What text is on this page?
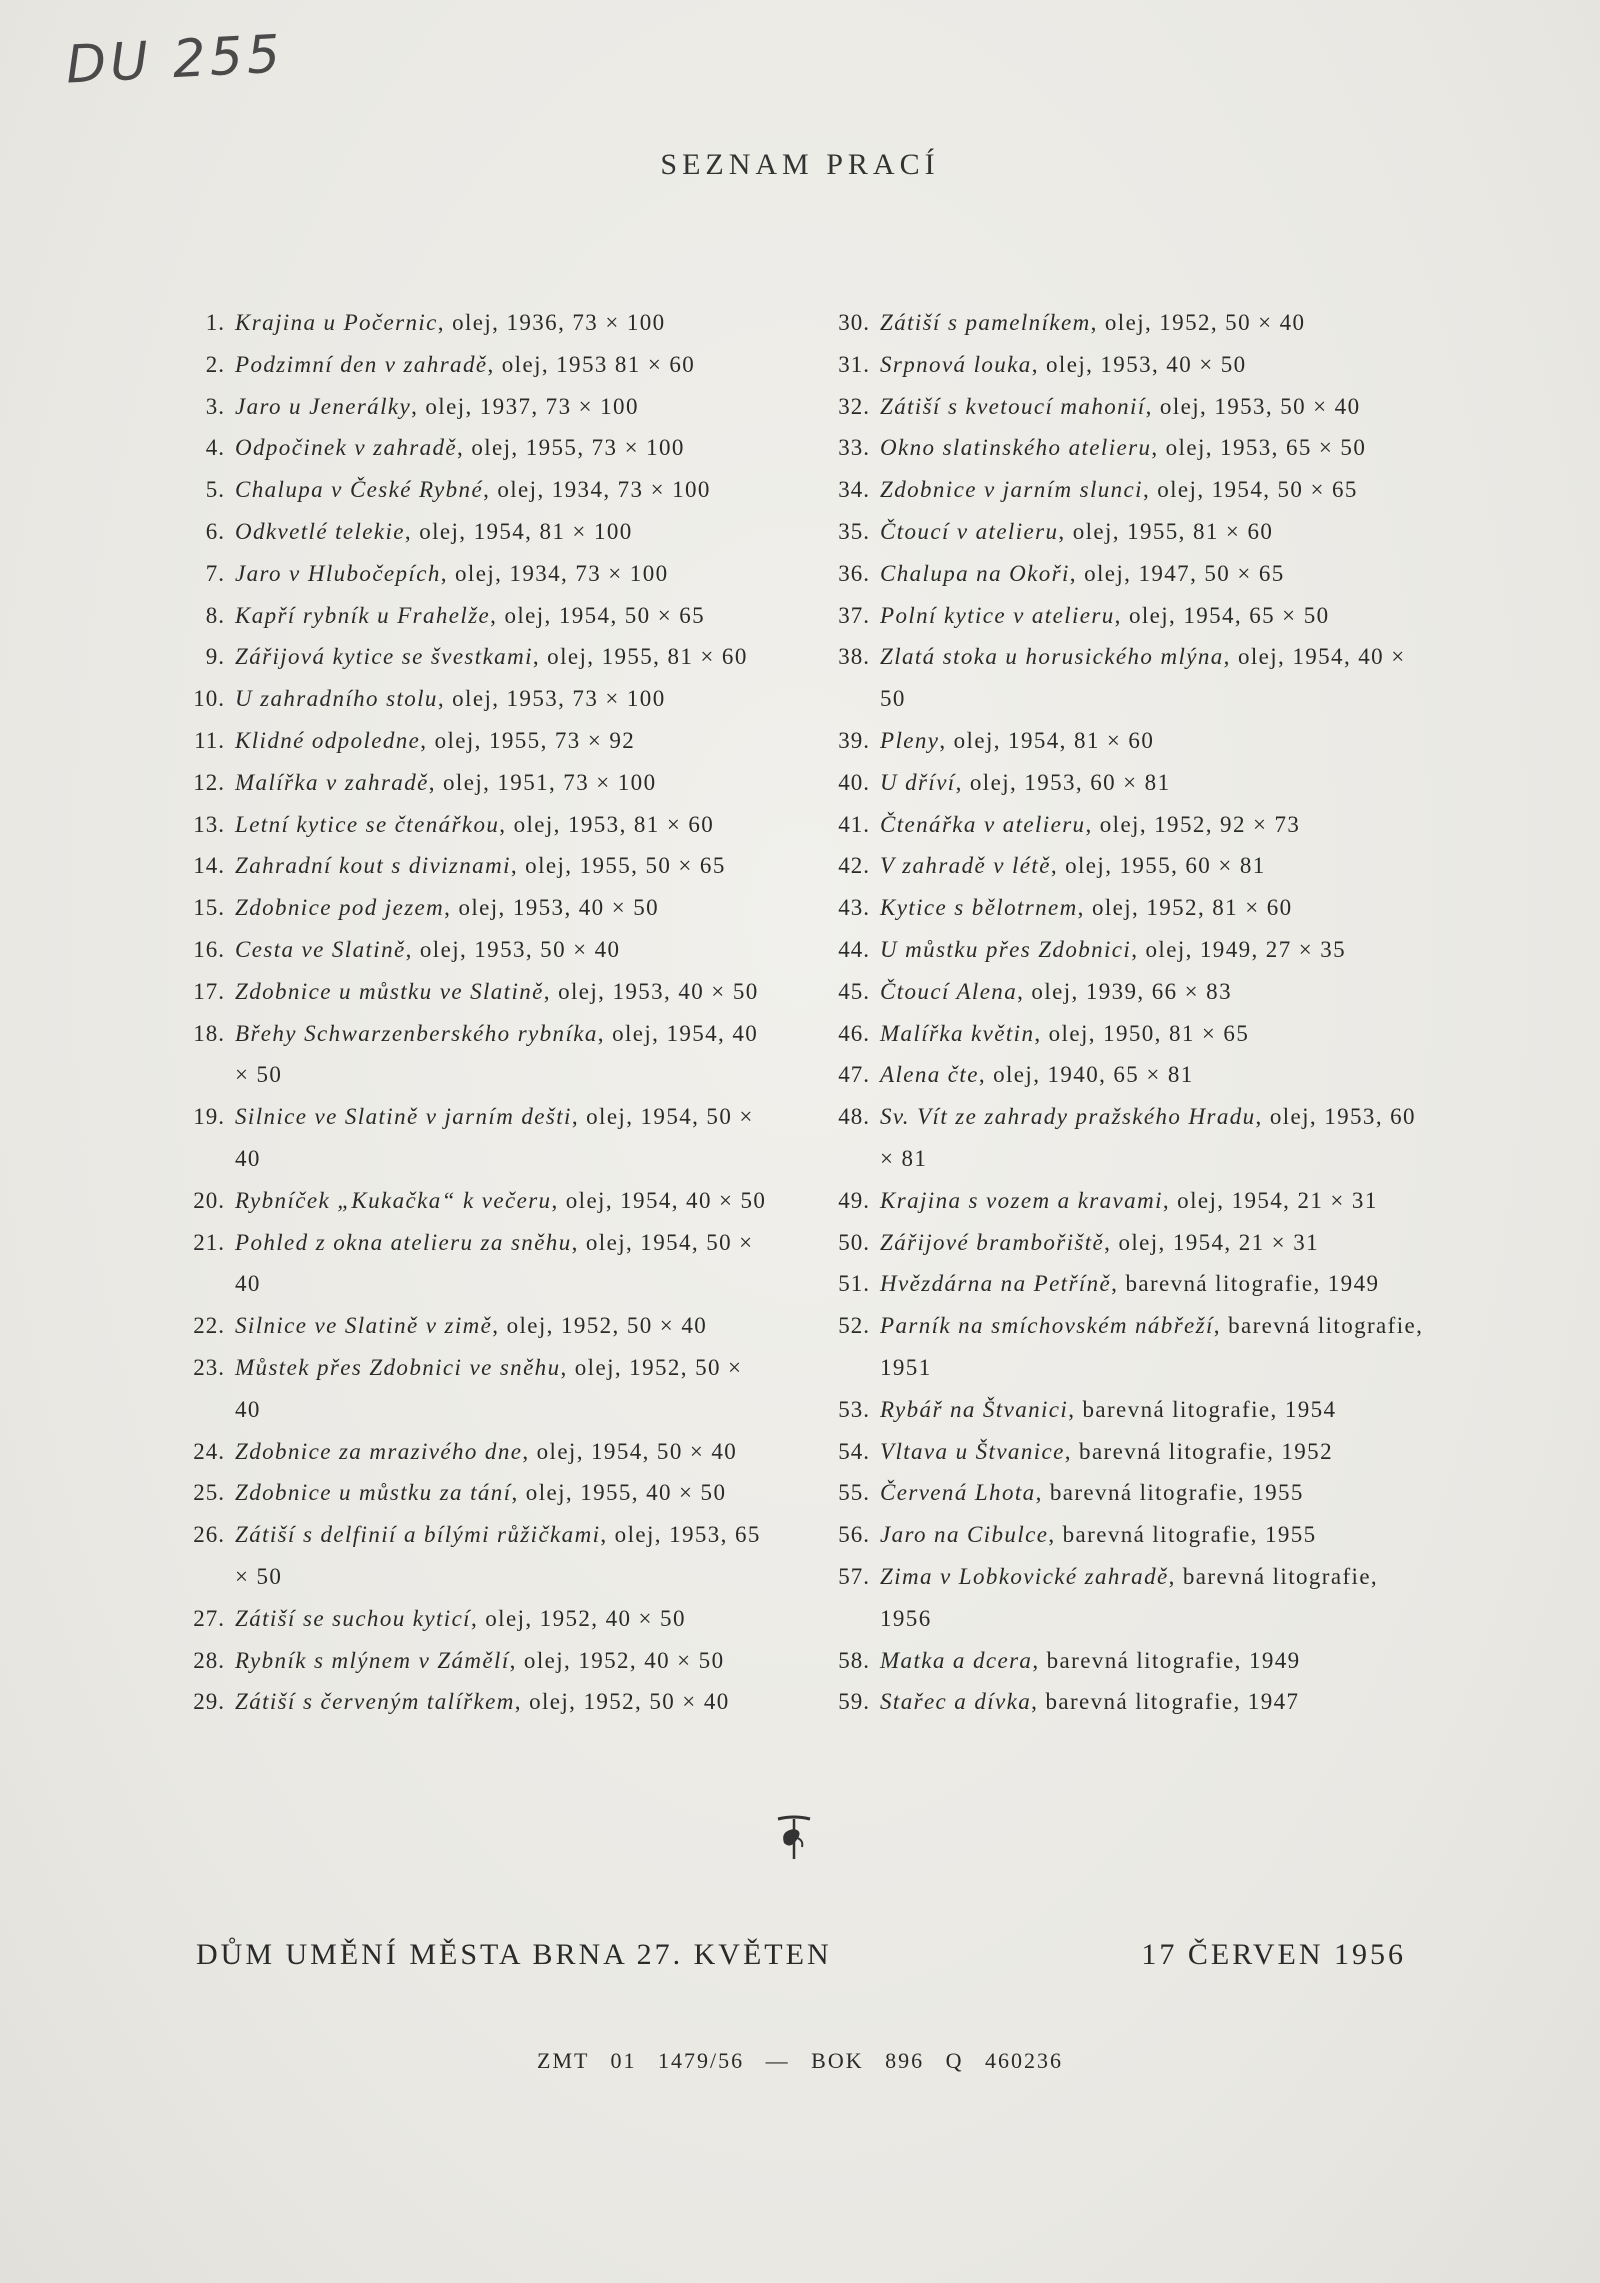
DU 255
SEZNAM PRACÍ
1. Krajina u Počernic, olej, 1936, 73 × 100
2. Podzimní den v zahradě, olej, 1953 81 × 60
3. Jaro u Jenerálky, olej, 1937, 73 × 100
4. Odpočinek v zahradě, olej, 1955, 73 × 100
5. Chalupa v České Rybné, olej, 1934, 73 × 100
6. Odkvetlé telekie, olej, 1954, 81 × 100
7. Jaro v Hlubočepích, olej, 1934, 73 × 100
8. Kapří rybník u Frahelže, olej, 1954, 50 × 65
9. Zářijová kytice se švestkami, olej, 1955, 81 × 60
10. U zahradního stolu, olej, 1953, 73 × 100
11. Klidné odpoledne, olej, 1955, 73 × 92
12. Malířka v zahradě, olej, 1951, 73 × 100
13. Letní kytice se čtenářkou, olej, 1953, 81 × 60
14. Zahradní kout s divizn​ami, olej, 1955, 50 × 65
15. Zdobnice pod jezem, olej, 1953, 40 × 50
16. Cesta ve Slatině, olej, 1953, 50 × 40
17. Zdobnice u můstku ve Slatině, olej, 1953, 40 × 50
18. Břehy Schwarzenberského rybníka, olej, 1954, 40 × 50
19. Silnice ve Slatině v jarním dešti, olej, 1954, 50 × 40
20. Rybníček „Kukačka“ k večeru, olej, 1954, 40 × 50
21. Pohled z okna atelieru za sněhu, olej, 1954, 50 × 40
22. Silnice ve Slatině v zimě, olej, 1952, 50 × 40
23. Můstek přes Zdobnici ve sněhu, olej, 1952, 50 × 40
24. Zdobnice za mrazivého dne, olej, 1954, 50 × 40
25. Zdobnice u můstku za tání, olej, 1955, 40 × 50
26. Zátiší s delfinií a bílými růžičkami, olej, 1953, 65 × 50
27. Zátiší se suchou kyticí, olej, 1952, 40 × 50
28. Rybník s mlýnem v Zámělí, olej, 1952, 40 × 50
29. Zátiší s červeným talířkem, olej, 1952, 50 × 40
30. Zátiší s pamelníkem, olej, 1952, 50 × 40
31. Srpnová louka, olej, 1953, 40 × 50
32. Zátiší s kvetoucí mahonií, olej, 1953, 50 × 40
33. Okno slatinského atelieru, olej, 1953, 65 × 50
34. Zdobnice v jarním slunci, olej, 1954, 50 × 65
35. Čtoucí v atelieru, olej, 1955, 81 × 60
36. Chalupa na Okoři, olej, 1947, 50 × 65
37. Polní kytice v atelieru, olej, 1954, 65 × 50
38. Zlatá stoka u horusického mlýna, olej, 1954, 40 × 50
39. Pleny, olej, 1954, 81 × 60
40. U dříví, olej, 1953, 60 × 81
41. Čtenářka v atelieru, olej, 1952, 92 × 73
42. V zahradě v létě, olej, 1955, 60 × 81
43. Kytice s bělotrnem, olej, 1952, 81 × 60
44. U můstku přes Zdobnici, olej, 1949, 27 × 35
45. Čtoucí Alena, olej, 1939, 66 × 83
46. Malířka květin, olej, 1950, 81 × 65
47. Alena čte, olej, 1940, 65 × 81
48. Sv. Vít ze zahrady pražského Hradu, olej, 1953, 60 × 81
49. Krajina s vozem a kravami, olej, 1954, 21 × 31
50. Zářijové brambořiště, olej, 1954, 21 × 31
51. Hvězdárna na Petříně, barevná litografie, 1949
52. Parník na smíchovském nábřeží, barevná litografie, 1951
53. Rybář na Štvanici, barevná litografie, 1954
54. Vltava u Štvanice, barevná litografie, 1952
55. Červená Lhota, barevná litografie, 1955
56. Jaro na Cibulce, barevná litografie, 1955
57. Zima v Lobkovické zahradě, barevná litografie, 1956
58. Matka a dcera, barevná litografie, 1949
59. Stařec a dívka, barevná litografie, 1947
DŮM UMĚNÍ MĚSTA BRNA 27. KVĚTEN	17 ČERVEN 1956
ZMT 01 1479/56 — BOK 896 Q 460236
